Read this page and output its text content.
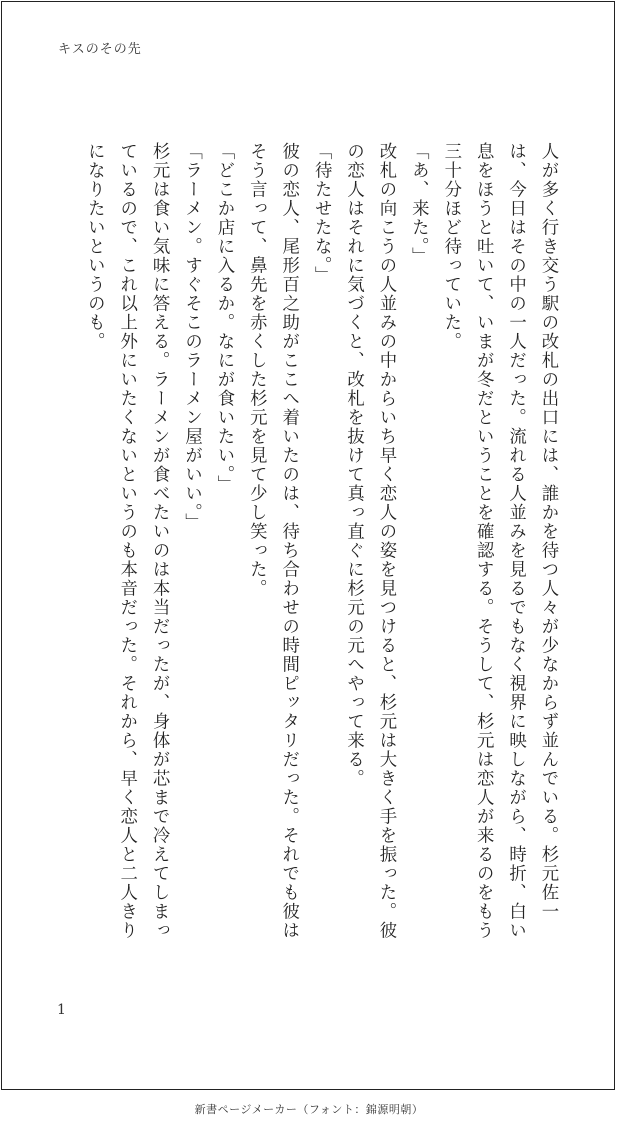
キスのその先

人が多く行き交う駅の改札の出口には、誰かを待つ人々が少なからず並んでいる。杉元佐一は、今日はその中の一人だった。流れる人並みを見るでもなく視界に映しながら、時折、白い息をほうと吐いて、いまが冬だということを確認する。そうして、杉元は恋人が来るのをもう三十分ほど待っていた。

「あ、来た。」

改札の向こうの人並みの中からいち早く恋人の姿を見つけると、杉元は大きく手を振った。彼の恋人はそれに気づくと、改札を抜けて真っ直ぐに杉元の元へやって来る。

「待たせたな。」

彼の恋人、尾形百之助がここへ着いたのは、待ち合わせの時間ピッタリだった。それでも彼はそう言って、鼻先を赤くした杉元を見て少し笑った。

「どこか店に入るか。なにが食いたい。」

「ラーメン。すぐそこのラーメン屋がいい。」

杉元は食い気味に答える。ラーメンが食べたいのは本当だったが、身体が芯まで冷えてしまっているので、これ以上外にいたくないというのも本音だった。それから、早く恋人と二人きりになりたいというのも。

1
新書ページメーカー（フォント：錦源明朝）
